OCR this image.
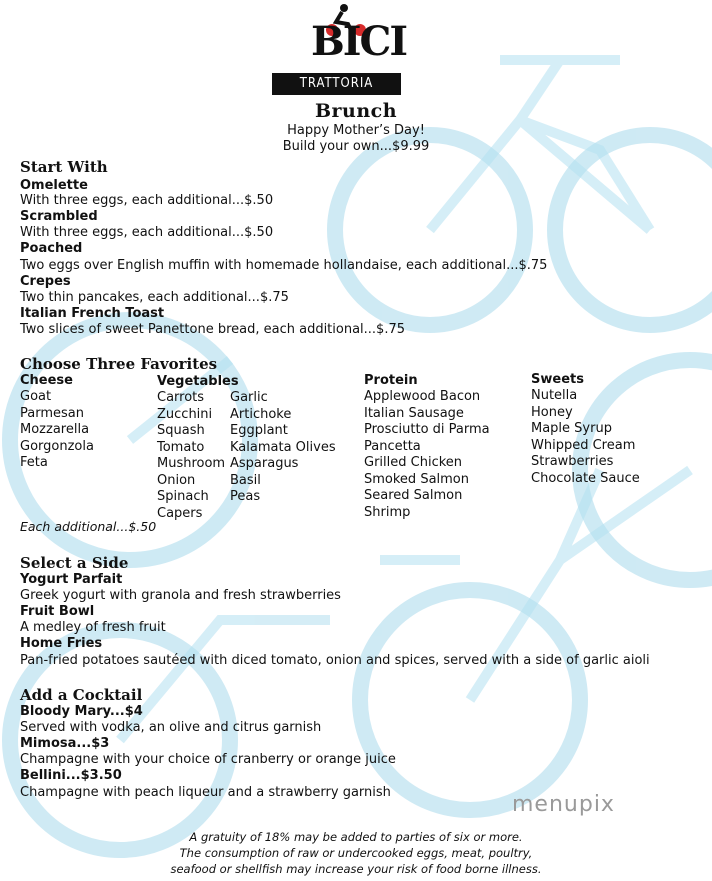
BICI
TRATTORIA
Brunch
Happy Mother’s Day!
Build your own...$9.99
Start With
Omelette
With three eggs, each additional...$.50
Scrambled
With three eggs, each additional...$.50
Poached
Two eggs over English muffin with homemade hollandaise, each additional...$.75
Crepes
Two thin pancakes, each additional...$.75
Italian French Toast
Two slices of sweet Panettone bread, each additional...$.75
Choose Three Favorites
Cheese
Goat
Parmesan
Mozzarella
Gorgonzola
Feta
Vegetables
Carrots
Zucchini
Squash
Tomato
Mushroom
Onion
Spinach
Capers
Garlic
Artichoke
Eggplant
Kalamata Olives
Asparagus
Basil
Peas
Protein
Applewood Bacon
Italian Sausage
Prosciutto di Parma
Pancetta
Grilled Chicken
Smoked Salmon
Seared Salmon
Shrimp
Sweets
Nutella
Honey
Maple Syrup
Whipped Cream
Strawberries
Chocolate Sauce
Each additional...$.50
Select a Side
Yogurt Parfait
Greek yogurt with granola and fresh strawberries
Fruit Bowl
A medley of fresh fruit
Home Fries
Pan-fried potatoes sautéed with diced tomato, onion and spices, served with a side of garlic aioli
Add a Cocktail
Bloody Mary...$4
Served with vodka, an olive and citrus garnish
Mimosa...$3
Champagne with your choice of cranberry or orange juice
Bellini...$3.50
Champagne with peach liqueur and a strawberry garnish	menupix
A gratuity of 18% may be added to parties of six or more.
The consumption of raw or undercooked eggs, meat, poultry,
seafood or shellfish may increase your risk of food borne illness.
